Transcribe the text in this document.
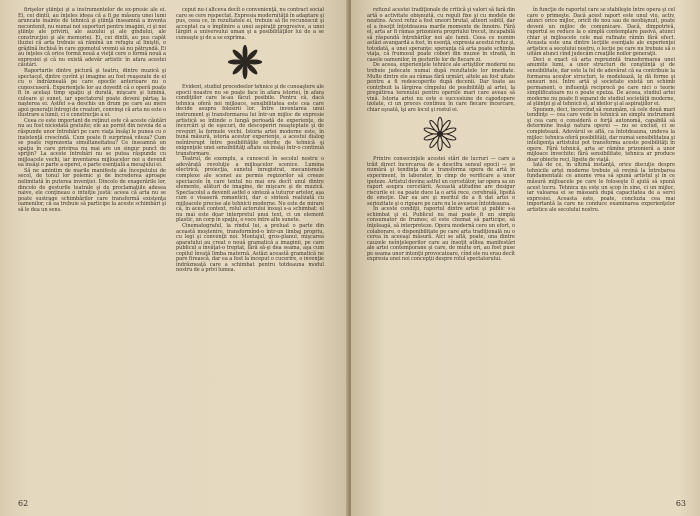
firişelor ştiinţei şi a instrumentelor de ex-presie ale ei. Ei, cei dintîi, au înţeles ideea că a fi pe măsura unei lumi aruncate înainte de tehnică şi ştiinţă înseamnă a inventa necontenit, nu numai noi suporturi pentru imagini, ci şi noi ştiinţe ale privirii, ale auzului şi ale gîndului, ale construcţiei şi ale memoriei. Ei, cei dintîi, au pus capăt iluziei că arta trebuie să rămînă un refugiu al liniştii, o grădină închisă în care zgomotul vremii să nu pătrundă. Ei au înţeles că orice formă nouă a vieţii cere o formă nouă a expresiei şi că nu există adevăr artistic în afara acestei căutări.

Raporturile dintre pictură şi teatru, dintre muzică şi spectacol, dintre cuvînt şi imagine au fost reaşezate de ei cu o îndrăzneală pe care epocile anterioare nu o cunoscuseră. Experienţele lor au dovedit că o operă poate fi în acelaşi timp spaţiu şi durată, mişcare şi lumină, culoare şi sunet, iar spectatorul poate deveni părtaş la naşterea ei. Astfel s-a deschis un drum pe care au mers apoi generaţii întregi de creatori, convinşi că arta nu este o ilustrare a lumii, ci o construcţie a ei.

Ceea ce este important de reţinut este că aceste căutări nu au fost niciodată gratuite; ele au pornit din nevoia de a răspunde unor întrebări pe care viaţa însăşi le punea cu o insistenţă crescîndă. Cum poate fi surprinsă viteza? Cum se poate reprezenta simultaneitatea? Ce înseamnă un spaţiu în care privirea nu mai are un singur punct de sprijin? La aceste întrebări nu se putea răspunde cu mijloacele vechi, iar inventarea mijloacelor noi a devenit ea însăşi o parte a operei, o parte esenţială a mesajului ei.

Să ne amintim de marile manifeste ale începutului de secol, de tonul lor polemic şi de încrederea aproape nelimitată în puterea invenţiei. Dincolo de exagerările lor, dincolo de gesturile teatrale şi de proclamaţiile adesea naive, ele conţineau o intuiţie justă: aceea că arta nu se poate sustrage schimbărilor care transformă existenţa oamenilor, că ea trebuie să participe la aceste schimbări şi să le dea un sens.

ceput nu-i altceva decît o convenienţă, nu contract social care se cere respectat. Expresia modernităţii în adaptare şi pus, ceea ce, în rezultatele ei, trebuie să fie recunoscut şi acceptat ca o împlinire a unei aspiraţii progresive, a unei lărgiri a universului uman şi a posibilităţilor lui de a se cunoaşte şi de a se exprima.

Evident, studiul procedeelor tehnice şi de cunoaştere ale epocii noastre nu se poate face în afara istoriei, în afara condiţiilor care le-au făcut posibile. Pentru că, dacă tehnica oferă noi mijloace, sensibilitatea este cea care decide asupra folosirii lor. Între inventarea unui instrument şi transformarea lui într-un mijloc de expresie artistică se întinde o lungă perioadă de experienţe, de încercări şi de eşecuri, de descoperiri neaşteptate şi de reveniri la formele vechi. Istoria artei moderne este, în bună măsură, istoria acestor experienţe, a acestui dialog neîntrerupt între posibilităţile oferite de tehnică şi exigenţele unei sensibilităţi aflate ea însăşi într-o continuă transformare.

Teatrul, de exemplu, a cunoscut în secolul nostru o adevărată revoluţie a mijloacelor scenice. Lumina electrică, proiecţia, sunetul înregistrat, mecanismele complexe ale scenei au permis regizorilor să creeze spectacole în care textul nu mai era decît unul dintre elemente, alături de imagine, de mişcare şi de muzică. Spectacolul a devenit astfel o sinteză a tuturor artelor, aşa cum o visaseră romanticii, dar o sinteză realizată cu mijloacele precise ale tehnicii moderne. Nu este de mirare că, în acest context, rolul actorului însuşi s-a schimbat: el nu mai este doar interpretul unui text, ci un element plastic, un corp în spaţiu, o voce între alte sunete.

Cinematograful, la rîndul lui, a preluat o parte din această moştenire, transformînd-o într-un limbaj propriu, cu legi şi convenţii noi. Montajul, gros-planul, mişcarea aparatului au creat o nouă gramatică a imaginii, pe care publicul a învăţat-o treptat, fără să-şi dea seama, aşa cum copilul învaţă limba maternă. Astăzi această gramatică ne pare firească, dar ea a fost la început o cucerire, o invenţie îndrăzneaţă care a schimbat pentru totdeauna modul nostru de a privi lumea.

62

refuzul acestei tradiţionale de critică şi valori să fară din artă o activitate obişnuită, cu reguli fixe şi cu modele de neatins. Acest refuz a fost uneori brutal, alteori subtil, dar el a însoţit întotdeauna marile momente de înnoire. Fără el, arta ar fi rămas prizoniera propriului trecut, incapabilă să răspundă întrebărilor noi ale lumii. Ceea ce numim astăzi avangardă a fost, în esenţă, expresia acestui refuz şi, totodată, a unei speranţe: speranţa că arta poate schimba viaţa, că frumosul poate coborî din muzee în stradă, în casele oamenilor, în gesturile lor de fiecare zi.

De aceea, experienţele tehnice ale artiştilor moderni nu trebuie judecate numai după rezultatele lor imediate. Multe dintre ele au rămas fără urmări, altele au fost uitate pentru a fi redescoperite după decenii. Dar toate au contribuit la lărgirea cîmpului de posibilităţi al artei, la pregătirea terenului pentru operele mari care aveau să vină. Istoria artei nu este o succesiune de capodopere izolate, ci un proces continuu în care fiecare încercare, chiar eşuată, îşi are locul şi rostul ei.

Printre consecinţele acestei stări de lucruri — care a trăit direct încercarea de a descifra sensul epocii — se numără şi tendinţa de a transforma opera de artă în experiment, în laborator, în cîmp de verificare a unor ipoteze. Artistul devine astfel un cercetător, iar opera sa un raport asupra cercetării. Această atitudine are desigur riscurile ei: ea poate duce la o artă rece, cerebrală, lipsită de emoţie. Dar ea are şi meritul de a fi dat artei o seriozitate şi o rigoare pe care nu le avusese întotdeauna.

În aceste condiţii, raportul dintre artist şi public s-a schimbat şi el. Publicul nu mai poate fi un simplu consumator de frumos; el este chemat să participe, să înţeleagă, să interpreteze. Opera modernă cere un efort, o colaborare, o disponibilitate pe care arta tradiţională nu o cerea în aceeaşi măsură. Aici se află, poate, una dintre cauzele neînţelegerilor care au însoţit atîtea manifestări ale artei contemporane şi care, de multe ori, au fost puse pe seama unor intenţii provocatoare, cînd ele nu erau decît expresia unei noi concepţii despre rolul spectatorului.

în funcţie de raportul care se stabileşte între opera şi cel care o primeşte. Dacă acest raport este unul viu, activ, atunci orice mijloc, oricît de nou sau de neobişnuit, poate deveni un mijloc de comunicare. Dacă, dimpotrivă, raportul se reduce la o simplă contemplare pasivă, atunci chiar şi mijloacele cele mai rafinate rămîn fără efect. Aceasta este una dintre lecţiile esenţiale ale experienţei artistice a secolului nostru, o lecţie pe care nu trebuie să o uităm atunci cînd judecăm creaţiile noilor generaţii.

Deci e exact că arta reprezintă transformarea unei anumite lumi, a unor structuri de conştiinţă şi de sensibilitate, dar este la fel de adevărat că ea contribuie la formarea acestor structuri, le modelează, le dă forme şi sensuri noi. Între artă şi societate există un schimb permanent, o influenţă reciprocă pe care nici o teorie simplificatoare nu o poate epuiza. De aceea, studiul artei moderne nu poate fi separat de studiul societăţii moderne, al ştiinţei şi al tehnicii ei, al ideilor şi al aspiraţiilor ei.

Spunem, deci, încercînd să rezumăm, că cele două mari tendinţe — cea care vede în tehnică un simplu instrument şi cea care o consideră o forţă autonomă, capabilă să determine însăşi natura operei — nu se exclud, ci se completează. Adevărul se află, ca întotdeauna, undeva la mijloc: tehnica oferă posibilităţi, dar numai sensibilitatea şi inteligenţa artistului pot transforma aceste posibilităţi în opere. Fără tehnică, arta ar rămîne prizonieră a unor mijloace învechite; fără sensibilitate, tehnica ar produce doar obiecte reci, lipsite de viaţă.

Iată de ce, în ultimă instanţă, orice discuţie despre tehnicile artei moderne trebuie să revină la întrebarea fundamentală: ce anume vrea să spună artistul şi în ce măsură mijloacele pe care le foloseşte îl ajută să spună acest lucru. Tehnica nu este un scop în sine, ci un mijloc, iar valoarea ei se măsoară după capacitatea de a servi expresiei. Aceasta este, poate, concluzia cea mai importantă la care ne conduce examinarea experienţelor artistice ale secolului nostru.

63
